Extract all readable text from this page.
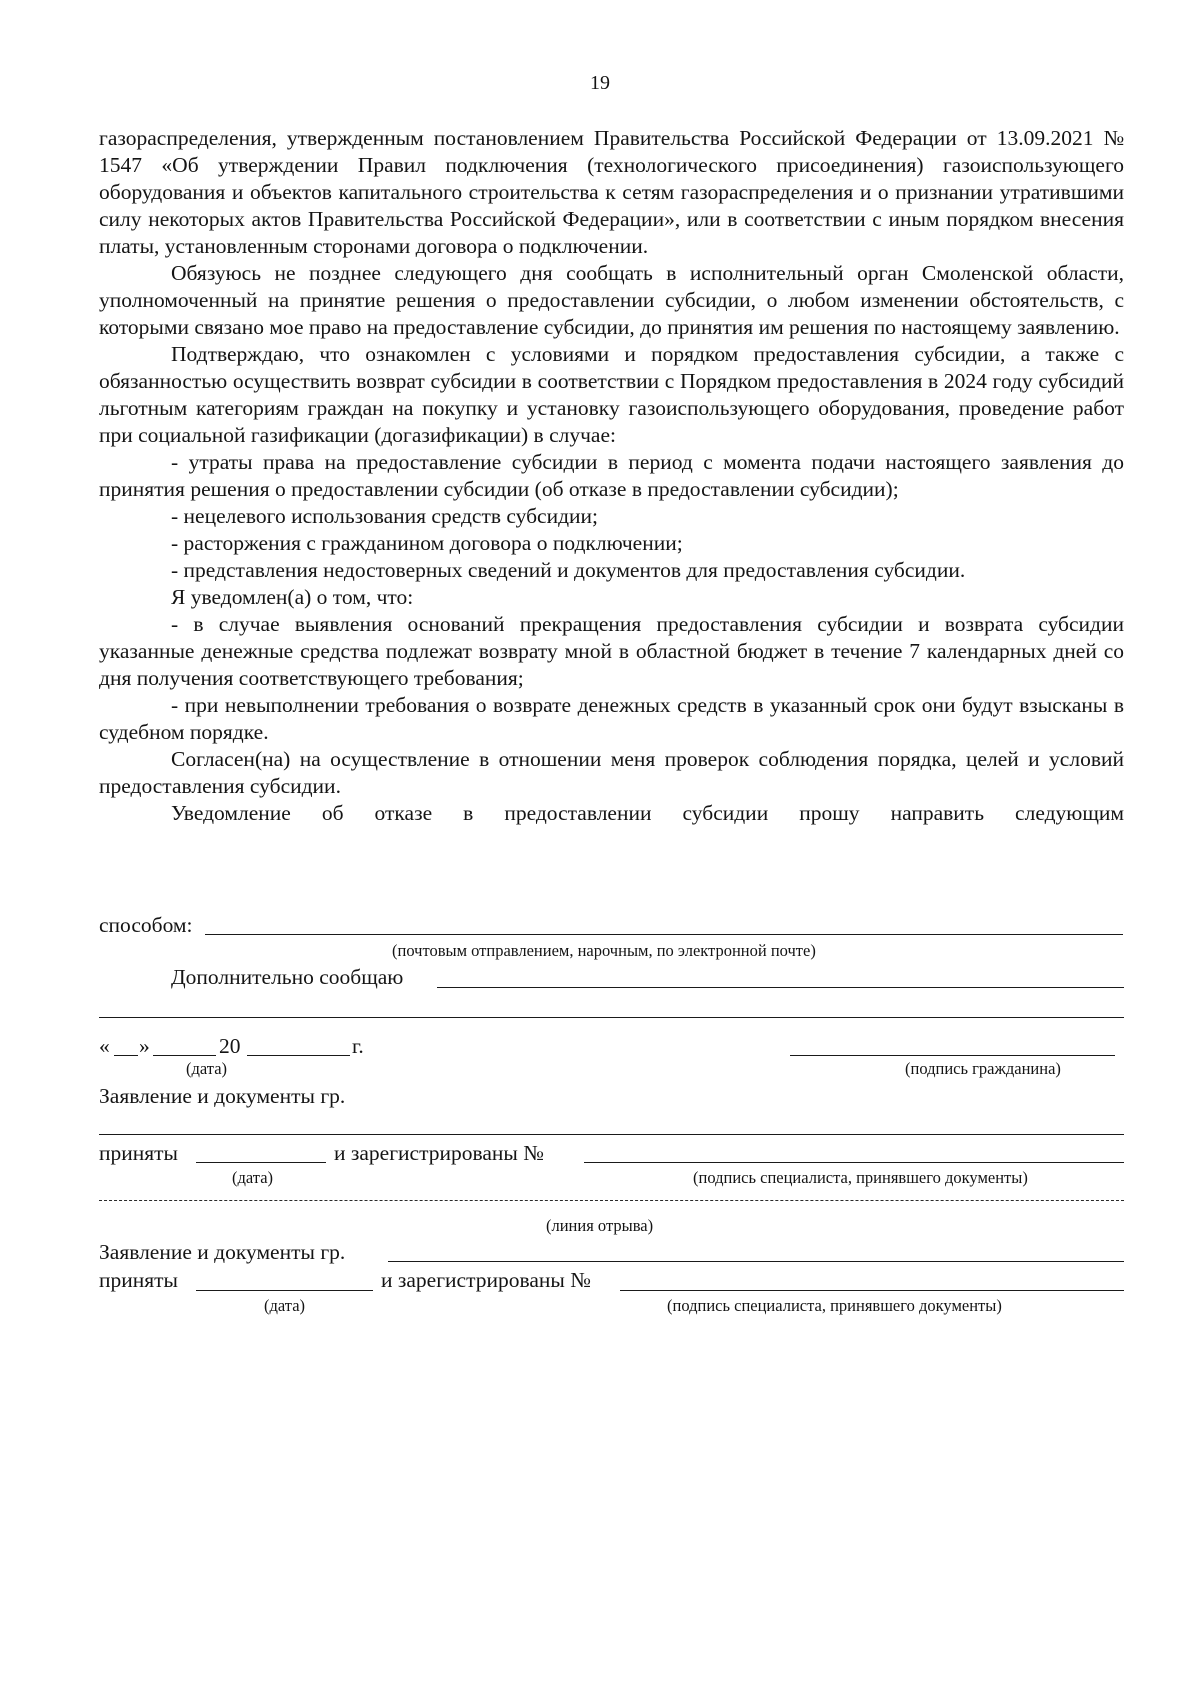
19

газораспределения, утвержденным постановлением Правительства Российской Федерации от 13.09.2021 № 1547 «Об утверждении Правил подключения (технологического присоединения) газоиспользующего оборудования и объектов капитального строительства к сетям газораспределения и о признании утратившими силу некоторых актов Правительства Российской Федерации», или в соответствии с иным порядком внесения платы, установленным сторонами договора о подключении.

Обязуюсь не позднее следующего дня сообщать в исполнительный орган Смоленской области, уполномоченный на принятие решения о предоставлении субсидии, о любом изменении обстоятельств, с которыми связано мое право на предоставление субсидии, до принятия им решения по настоящему заявлению.

Подтверждаю, что ознакомлен с условиями и порядком предоставления субсидии, а также с обязанностью осуществить возврат субсидии в соответствии с Порядком предоставления в 2024 году субсидий льготным категориям граждан на покупку и установку газоиспользующего оборудования, проведение работ при социальной газификации (догазификации) в случае:

- утраты права на предоставление субсидии в период с момента подачи настоящего заявления до принятия решения о предоставлении субсидии (об отказе в предоставлении субсидии);

- нецелевого использования средств субсидии;

- расторжения с гражданином договора о подключении;

- представления недостоверных сведений и документов для предоставления субсидии.

Я уведомлен(а) о том, что:

- в случае выявления оснований прекращения предоставления субсидии и возврата субсидии указанные денежные средства подлежат возврату мной в областной бюджет в течение 7 календарных дней со дня получения соответствующего требования;

- при невыполнении требования о возврате денежных средств в указанный срок они будут взысканы в судебном порядке.

Согласен(на) на осуществление в отношении меня проверок соблюдения порядка, целей и условий предоставления субсидии.

Уведомление об отказе в предоставлении субсидии прошу направить следующим

способом:
(почтовым отправлением, нарочным, по электронной почте)
Дополнительно сообщаю
« »	20	г.
(дата)	(подпись гражданина)
Заявление и документы гр.
приняты	и зарегистрированы №
(дата)	(подпись специалиста, принявшего документы)
(линия отрыва)
Заявление и документы гр.
приняты	и зарегистрированы №
(дата)	(подпись специалиста, принявшего документы)
